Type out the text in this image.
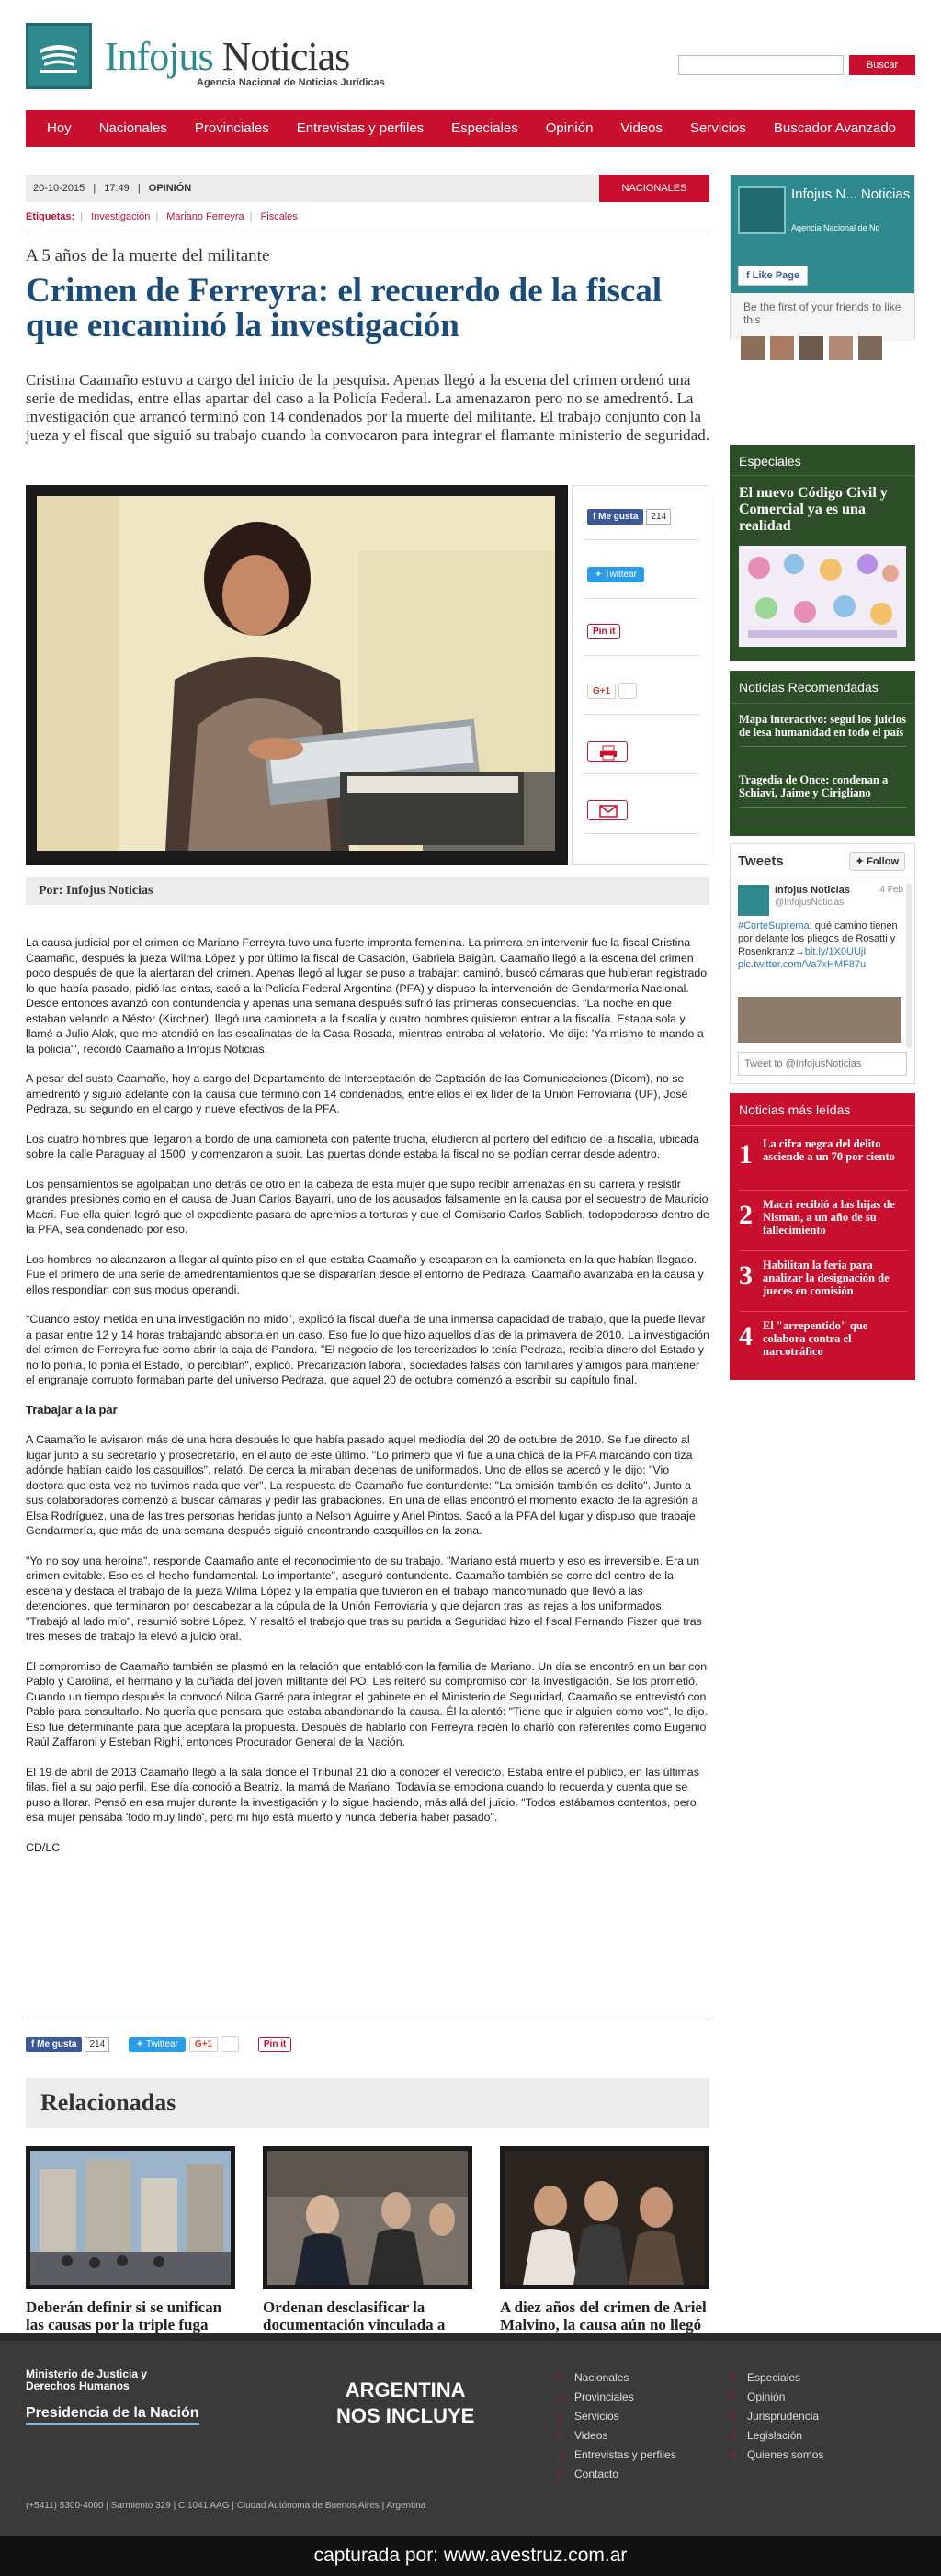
Infojus Noticias
Agencia Nacional de Noticias Jurídicas
Buscar
Hoy	Nacionales	Provinciales	Entrevistas y perfiles	Especiales	Opinión	Videos	Servicios	Buscador Avanzado
20-10-2015 | 17:49 | OPINIÓN	NACIONALES
Etiquetas: | Investigación | Mariano Ferreyra | Fiscales
A 5 años de la muerte del militante
Crimen de Ferreyra: el recuerdo de la fiscal que encaminó la investigación

Cristina Caamaño estuvo a cargo del inicio de la pesquisa. Apenas llegó a la escena del crimen ordenó una serie de medidas, entre ellas apartar del caso a la Policía Federal. La amenazaron pero no se amedrentó. La investigación que arrancó terminó con 14 condenados por la muerte del militante. El trabajo conjunto con la jueza y el fiscal que siguió su trabajo cuando la convocaron para integrar el flamante ministerio de seguridad.

f Me gusta 214
✦ Twittear
Pin it
G+1
Por: Infojus Noticias

La causa judicial por el crimen de Mariano Ferreyra tuvo una fuerte impronta femenina. La primera en intervenir fue la fiscal Cristina Caamaño, después la jueza Wilma López y por último la fiscal de Casación, Gabriela Baigún. Caamaño llegó a la escena del crimen poco después de que la alertaran del crimen. Apenas llegó al lugar se puso a trabajar: caminó, buscó cámaras que hubieran registrado lo que había pasado, pidió las cintas, sacó a la Policía Federal Argentina (PFA) y dispuso la intervención de Gendarmería Nacional. Desde entonces avanzó con contundencia y apenas una semana después sufrió las primeras consecuencias. "La noche en que estaban velando a Néstor (Kirchner), llegó una camioneta a la fiscalía y cuatro hombres quisieron entrar a la fiscalía. Estaba sola y llamé a Julio Alak, que me atendió en las escalinatas de la Casa Rosada, mientras entraba al velatorio. Me dijo: 'Ya mismo te mando a la policía'", recordó Caamaño a Infojus Noticias.

A pesar del susto Caamaño, hoy a cargo del Departamento de Interceptación de Captación de las Comunicaciones (Dicom), no se amedrentó y siguió adelante con la causa que terminó con 14 condenados, entre ellos el ex líder de la Unión Ferroviaria (UF), José Pedraza, su segundo en el cargo y nueve efectivos de la PFA.

Los cuatro hombres que llegaron a bordo de una camioneta con patente trucha, eludieron al portero del edificio de la fiscalía, ubicada sobre la calle Paraguay al 1500, y comenzaron a subir. Las puertas donde estaba la fiscal no se podían cerrar desde adentro.

Los pensamientos se agolpaban uno detrás de otro en la cabeza de esta mujer que supo recibir amenazas en su carrera y resistir grandes presiones como en el causa de Juan Carlos Bayarri, uno de los acusados falsamente en la causa por el secuestro de Mauricio Macri. Fue ella quien logró que el expediente pasara de apremios a torturas y que el Comisario Carlos Sablich, todopoderoso dentro de la PFA, sea condenado por eso.

Los hombres no alcanzaron a llegar al quinto piso en el que estaba Caamaño y escaparon en la camioneta en la que habían llegado. Fue el primero de una serie de amedrentamientos que se dispararían desde el entorno de Pedraza. Caamaño avanzaba en la causa y ellos respondían con sus modus operandi.

"Cuando estoy metida en una investigación no mido", explicó la fiscal dueña de una inmensa capacidad de trabajo, que la puede llevar a pasar entre 12 y 14 horas trabajando absorta en un caso. Eso fue lo que hizo aquellos días de la primavera de 2010. La investigación del crimen de Ferreyra fue como abrir la caja de Pandora. "El negocio de los tercerizados lo tenía Pedraza, recibía dinero del Estado y no lo ponía, lo ponía el Estado, lo percibían", explicó. Precarización laboral, sociedades falsas con familiares y amigos para mantener el engranaje corrupto formaban parte del universo Pedraza, que aquel 20 de octubre comenzó a escribir su capítulo final.

Trabajar a la par

A Caamaño le avisaron más de una hora después lo que había pasado aquel mediodía del 20 de octubre de 2010. Se fue directo al lugar junto a su secretario y prosecretario, en el auto de este último. "Lo primero que vi fue a una chica de la PFA marcando con tiza adónde habían caído los casquillos", relató. De cerca la miraban decenas de uniformados. Uno de ellos se acercó y le dijo: "Vio doctora que esta vez no tuvimos nada que ver". La respuesta de Caamaño fue contundente: "La omisión también es delito". Junto a sus colaboradores comenzó a buscar cámaras y pedir las grabaciones. En una de ellas encontró el momento exacto de la agresión a Elsa Rodríguez, una de las tres personas heridas junto a Nelson Aguirre y Ariel Pintos. Sacó a la PFA del lugar y dispuso que trabaje Gendarmería, que más de una semana después siguió encontrando casquillos en la zona.

"Yo no soy una heroína", responde Caamaño ante el reconocimiento de su trabajo. "Mariano está muerto y eso es irreversible. Era un crimen evitable. Eso es el hecho fundamental. Lo importante", aseguró contundente. Caamaño también se corre del centro de la escena y destaca el trabajo de la jueza Wilma López y la empatía que tuvieron en el trabajo mancomunado que llevó a las detenciones, que terminaron por descabezar a la cúpula de la Unión Ferroviaria y que dejaron tras las rejas a los uniformados. "Trabajó al lado mío", resumió sobre López. Y resaltó el trabajo que tras su partida a Seguridad hizo el fiscal Fernando Fiszer que tras tres meses de trabajo la elevó a juicio oral.

El compromiso de Caamaño también se plasmó en la relación que entabló con la familia de Mariano. Un día se encontró en un bar con Pablo y Carolina, el hermano y la cuñada del joven militante del PO. Les reiteró su compromiso con la investigación. Se los prometió. Cuando un tiempo después la convocó Nilda Garré para integrar el gabinete en el Ministerio de Seguridad, Caamaño se entrevistó con Pablo para consultarlo. No quería que pensara que estaba abandonando la causa. Él la alentó: "Tiene que ir alguien como vos", le dijo. Eso fue determinante para que aceptara la propuesta. Después de hablarlo con Ferreyra recién lo charló con referentes como Eugenio Raúl Zaffaroni y Esteban Righi, entonces Procurador General de la Nación.

El 19 de abril de 2013 Caamaño llegó a la sala donde el Tribunal 21 dio a conocer el veredicto. Estaba entre el público, en las últimas filas, fiel a su bajo perfil. Ese día conoció a Beatriz, la mamá de Mariano. Todavía se emociona cuando lo recuerda y cuenta que se puso a llorar. Pensó en esa mujer durante la investigación y lo sigue haciendo, más allá del juicio. "Todos estábamos contentos, pero esa mujer pensaba 'todo muy lindo', pero mi hijo está muerto y nunca debería haber pasado".

CD/LC

f Me gusta 214	✦ Twittear G+1	Pin it
Relacionadas
Deberán definir si se unifican las causas por la triple fuga
Ordenan desclasificar la documentación vinculada a
A diez años del crimen de Ariel Malvino, la causa aún no llegó
Infojus N... Noticias
Agencia Nacional de No
f Like Page
Be the first of your friends to like this
Especiales
El nuevo Código Civil y Comercial ya es una realidad
Noticias Recomendadas
Mapa interactivo: seguí los juicios de lesa humanidad en todo el país
Tragedia de Once: condenan a Schiavi, Jaime y Cirigliano
Tweets	✦ Follow
Infojus Noticias
@InfojusNoticias
4 Feb
#CorteSuprema: qué camino tienen por delante los pliegos de Rosatti y Rosenkrantz→bit.ly/1X0UUjI pic.twitter.com/Va7xHMF87u
Tweet to @InfojusNoticias
Noticias más leídas
1 La cifra negra del delito asciende a un 70 por ciento
2 Macri recibió a las hijas de Nisman, a un año de su fallecimiento
3 Habilitan la feria para analizar la designación de jueces en comisión
4 El "arrepentido" que colabora contra el narcotráfico
Ministerio de Justicia y Derechos Humanos
Presidencia de la Nación
ARGENTINA
NOS INCLUYE
⁝⁝ Nacionales
⁝⁝ Provinciales
⁝⁝ Servicios
⁝⁝ Videos
⁝⁝ Entrevistas y perfiles
⁝⁝ Contacto
⁝⁝ Especiales
⁝⁝ Opinión
⁝⁝ Jurisprudencia
⁝⁝ Legislación
⁝⁝ Quienes somos
(+5411) 5300-4000 | Sarmiento 329 | C 1041 AAG | Ciudad Autónoma de Buenos Aires | Argentina
capturada por: www.avestruz.com.ar
